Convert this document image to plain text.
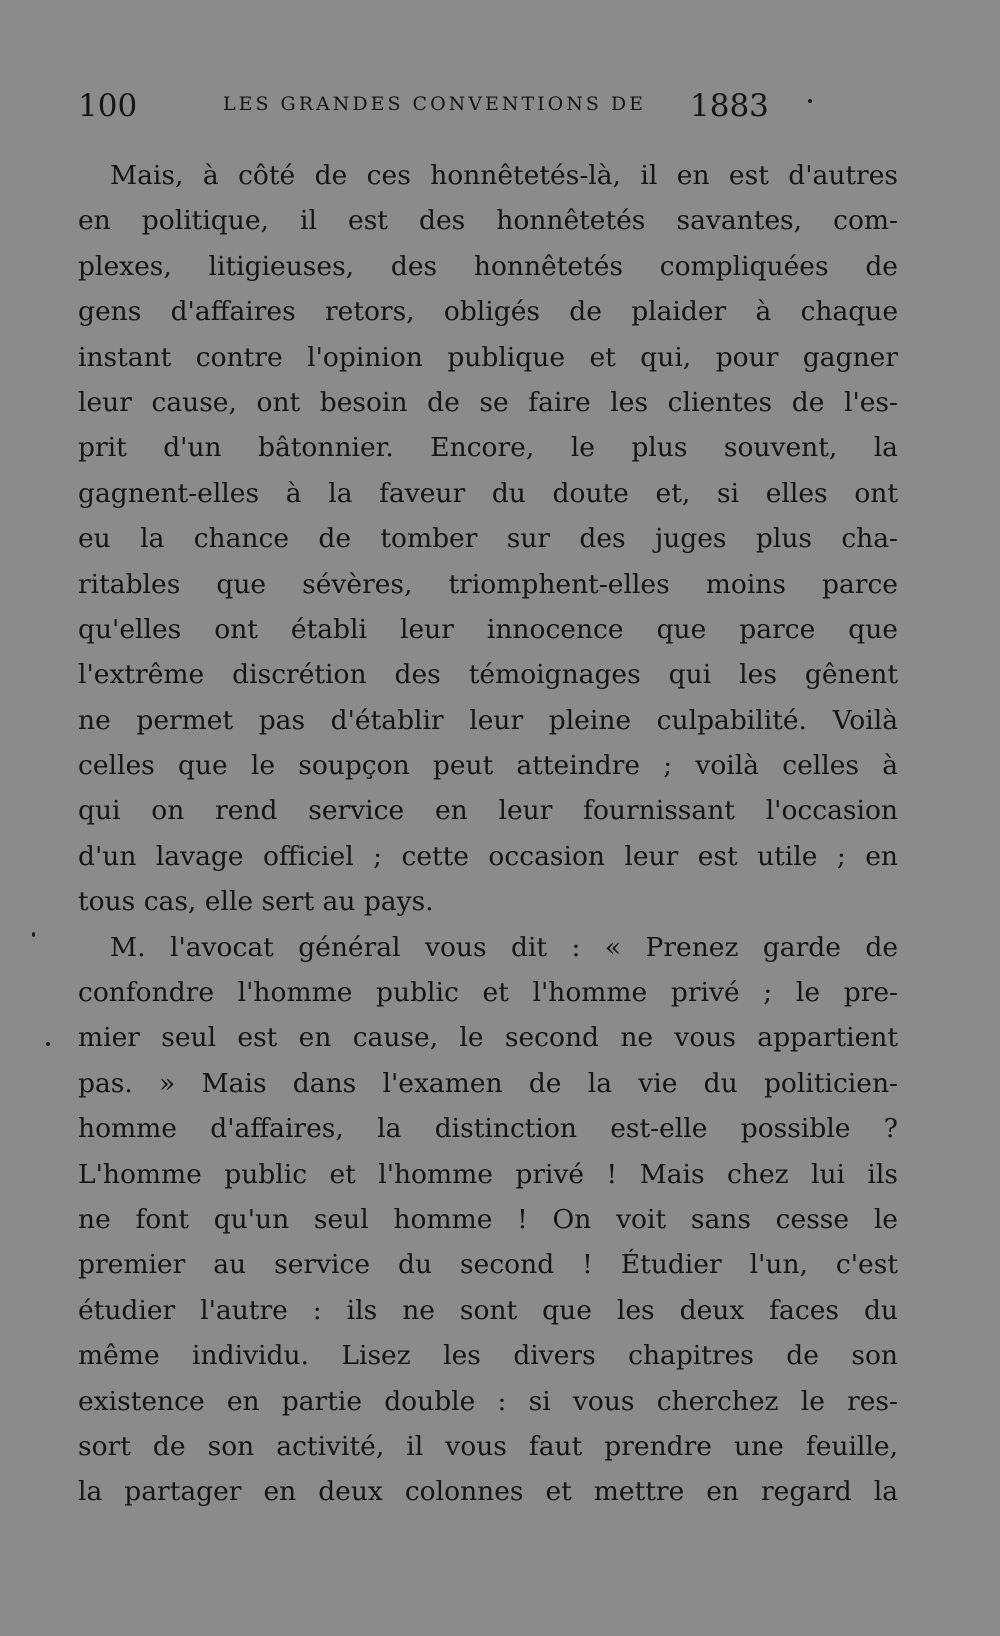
100	LES GRANDES CONVENTIONS DE 1883
Mais, à côté de ces honnêtetés-là, il en est d'autres
en politique, il est des honnêtetés savantes, com-
plexes, litigieuses, des honnêtetés compliquées de
gens d'affaires retors, obligés de plaider à chaque
instant contre l'opinion publique et qui, pour gagner
leur cause, ont besoin de se faire les clientes de l'es-
prit d'un bâtonnier. Encore, le plus souvent, la
gagnent-elles à la faveur du doute et, si elles ont
eu la chance de tomber sur des juges plus cha-
ritables que sévères, triomphent-elles moins parce
qu'elles ont établi leur innocence que parce que
l'extrême discrétion des témoignages qui les gênent
ne permet pas d'établir leur pleine culpabilité. Voilà
celles que le soupçon peut atteindre ; voilà celles à
qui on rend service en leur fournissant l'occasion
d'un lavage officiel ; cette occasion leur est utile ; en
tous cas, elle sert au pays.
M. l'avocat général vous dit : « Prenez garde de
confondre l'homme public et l'homme privé ; le pre-
mier seul est en cause, le second ne vous appartient
pas. » Mais dans l'examen de la vie du politicien-
homme d'affaires, la distinction est-elle possible ?
L'homme public et l'homme privé ! Mais chez lui ils
ne font qu'un seul homme ! On voit sans cesse le
premier au service du second ! Étudier l'un, c'est
étudier l'autre : ils ne sont que les deux faces du
même individu. Lisez les divers chapitres de son
existence en partie double : si vous cherchez le res-
sort de son activité, il vous faut prendre une feuille,
la partager en deux colonnes et mettre en regard la
